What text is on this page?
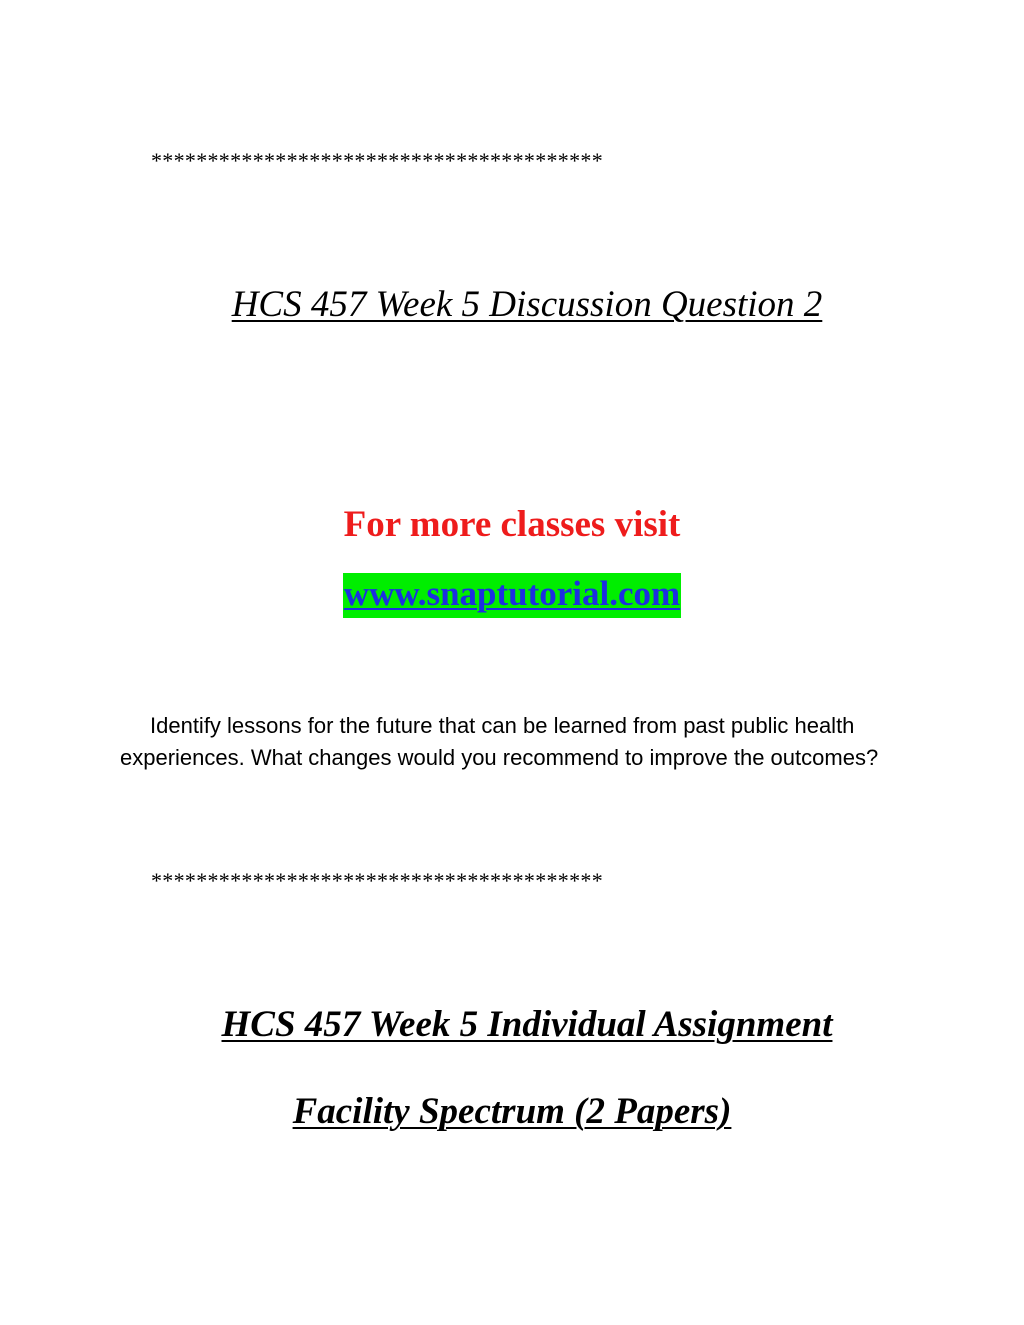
****************************************
HCS 457 Week 5 Discussion Question 2
For more classes visit
www.snaptutorial.com
Identify lessons for the future that can be learned from past public health experiences. What changes would you recommend to improve the outcomes?
****************************************
HCS 457 Week 5 Individual Assignment
Facility Spectrum (2 Papers)
